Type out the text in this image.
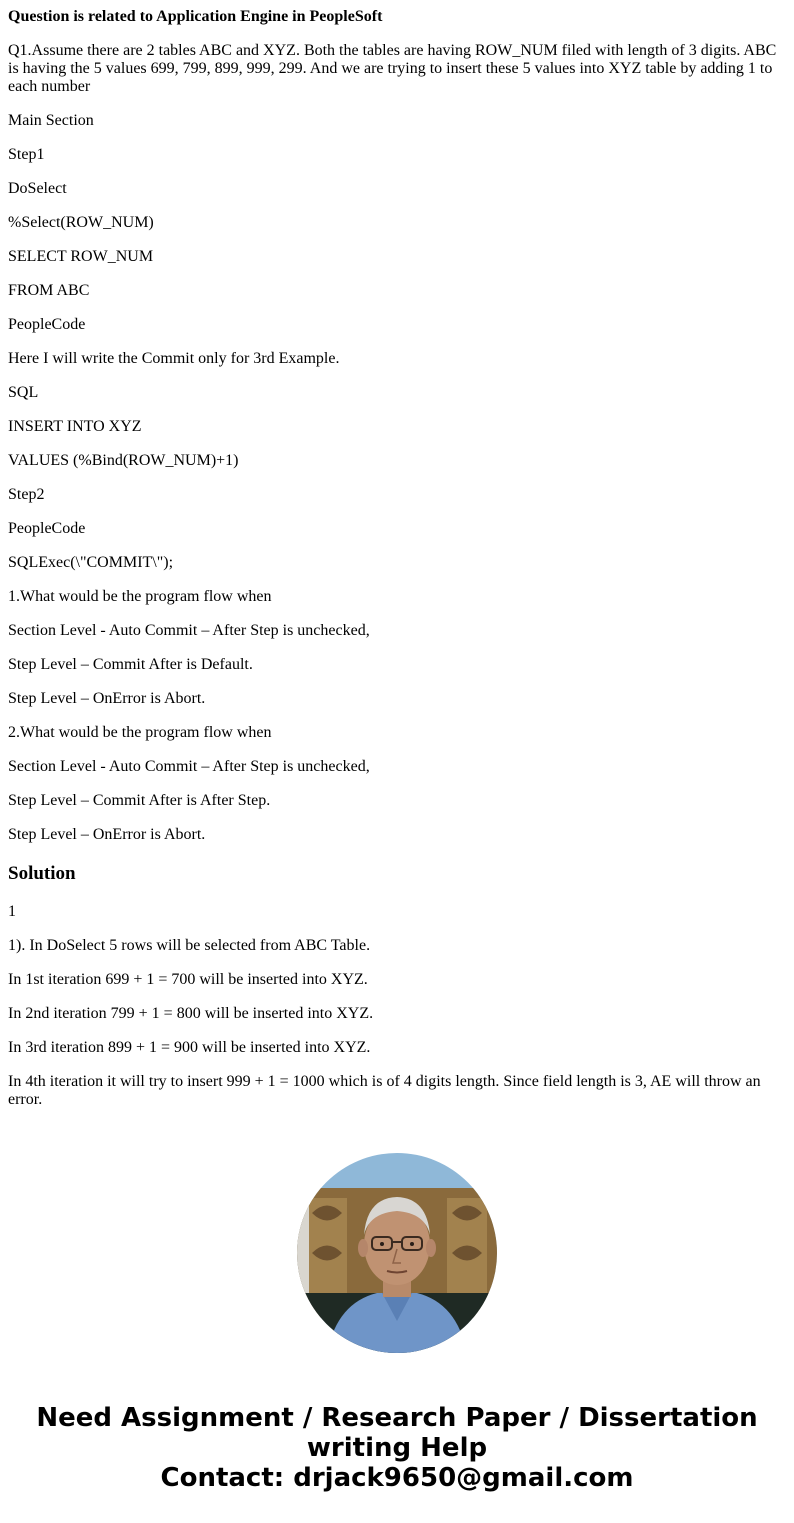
Question is related to Application Engine in PeopleSoft

Q1.Assume there are 2 tables ABC and XYZ. Both the tables are having ROW_NUM filed with length of 3 digits. ABC is having the 5 values 699, 799, 899, 999, 299. And we are trying to insert these 5 values into XYZ table by adding 1 to each number

Main Section

Step1

DoSelect

%Select(ROW_NUM)

SELECT ROW_NUM

FROM ABC

PeopleCode

Here I will write the Commit only for 3rd Example.

SQL

INSERT INTO XYZ

VALUES (%Bind(ROW_NUM)+1)

Step2

PeopleCode

SQLExec(\"COMMIT\");

1.What would be the program flow when

Section Level - Auto Commit – After Step is unchecked,

Step Level – Commit After is Default.

Step Level – OnError is Abort.

2.What would be the program flow when

Section Level - Auto Commit – After Step is unchecked,

Step Level – Commit After is After Step.

Step Level – OnError is Abort.

Solution

1

1). In DoSelect 5 rows will be selected from ABC Table.

In 1st iteration 699 + 1 = 700 will be inserted into XYZ.

In 2nd iteration 799 + 1 = 800 will be inserted into XYZ.

In 3rd iteration 899 + 1 = 900 will be inserted into XYZ.

In 4th iteration it will try to insert 999 + 1 = 1000 which is of 4 digits length. Since field length is 3, AE will throw an error.

Need Assignment / Research Paper / Dissertation
writing Help
Contact: drjack9650@gmail.com
